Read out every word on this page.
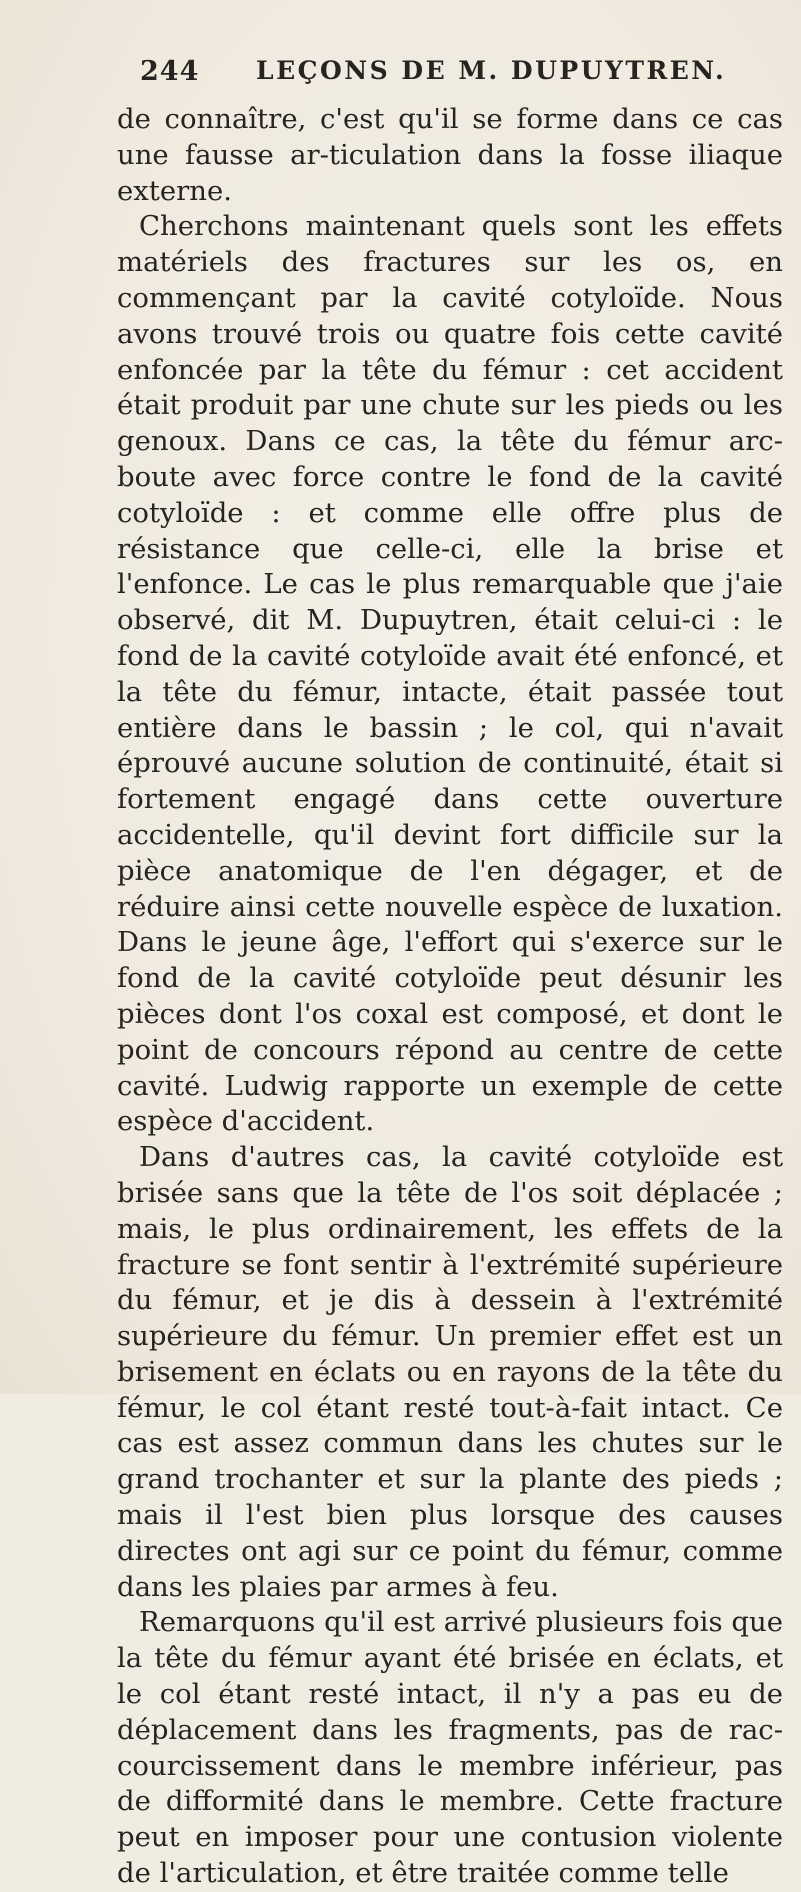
244 LEÇONS DE M. DUPUYTREN.

de connaître, c'est qu'il se forme dans ce cas une fausse ar-ticulation dans la fosse iliaque externe.

Cherchons maintenant quels sont les effets matériels des fractures sur les os, en commençant par la cavité cotyloïde. Nous avons trouvé trois ou quatre fois cette cavité enfoncée par la tête du fémur : cet accident était produit par une chute sur les pieds ou les genoux. Dans ce cas, la tête du fémur arc-boute avec force contre le fond de la cavité cotyloïde : et comme elle offre plus de résistance que celle-ci, elle la brise et l'enfonce. Le cas le plus remarquable que j'aie observé, dit M. Dupuytren, était celui-ci : le fond de la cavité cotyloïde avait été enfoncé, et la tête du fémur, intacte, était passée tout entière dans le bassin ; le col, qui n'avait éprouvé aucune solution de continuité, était si fortement engagé dans cette ouverture accidentelle, qu'il devint fort difficile sur la pièce anatomique de l'en dégager, et de réduire ainsi cette nouvelle espèce de luxation. Dans le jeune âge, l'effort qui s'exerce sur le fond de la cavité cotyloïde peut désunir les pièces dont l'os coxal est composé, et dont le point de concours répond au centre de cette cavité. Ludwig rapporte un exemple de cette espèce d'accident.

Dans d'autres cas, la cavité cotyloïde est brisée sans que la tête de l'os soit déplacée ; mais, le plus ordinairement, les effets de la fracture se font sentir à l'extrémité supérieure du fémur, et je dis à dessein à l'extrémité supérieure du fémur. Un premier effet est un brisement en éclats ou en rayons de la tête du fémur, le col étant resté tout-à-fait intact. Ce cas est assez commun dans les chutes sur le grand trochanter et sur la plante des pieds ; mais il l'est bien plus lorsque des causes directes ont agi sur ce point du fémur, comme dans les plaies par armes à feu.

Remarquons qu'il est arrivé plusieurs fois que la tête du fémur ayant été brisée en éclats, et le col étant resté intact, il n'y a pas eu de déplacement dans les fragments, pas de rac-courcissement dans le membre inférieur, pas de difformité dans le membre. Cette fracture peut en imposer pour une contusion violente de l'articulation, et être traitée comme telle
